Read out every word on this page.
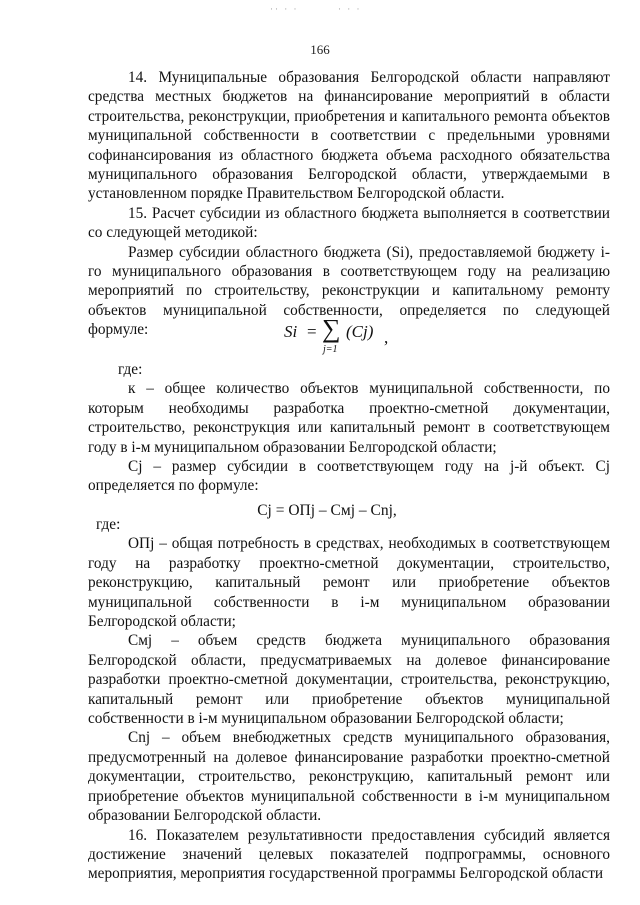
·· · ·	· · ·
166

14. Муниципальные образования Белгородской области направляют средства местных бюджетов на финансирование мероприятий в области строительства, реконструкции, приобретения и капитального ремонта объектов муниципальной собственности в соответствии с предельными уровнями софинансирования из областного бюджета объема расходного обязательства муниципального образования Белгородской области, утверждаемыми в установленном порядке Правительством Белгородской области.

15. Расчет субсидии из областного бюджета выполняется в соответствии со следующей методикой:

Размер субсидии областного бюджета (Si), предоставляемой бюджету i-го муниципального образования в соответствующем году на реализацию мероприятий по строительству, реконструкции и капитальному ремонту объектов муниципальной собственности, определяется по следующей формуле:	Si = ∑
j=1
(Cj) ,

где:

к – общее количество объектов муниципальной собственности, по которым необходимы разработка проектно-сметной документации, строительство, реконструкция или капитальный ремонт в соответствующем году в i-м муниципальном образовании Белгородской области;

Cj – размер субсидии в соответствующем году на j-й объект. Cj определяется по формуле:

Cj = ОПj – Cмj – Cnj,

где:

ОПj – общая потребность в средствах, необходимых в соответствующем году на разработку проектно-сметной документации, строительство, реконструкцию, капитальный ремонт или приобретение объектов муниципальной собственности в i-м муниципальном образовании Белгородской области;

Cмj – объем средств бюджета муниципального образования Белгородской области, предусматриваемых на долевое финансирование разработки проектно-сметной документации, строительства, реконструкцию, капитальный ремонт или приобретение объектов муниципальной собственности в i-м муниципальном образовании Белгородской области;

Cnj – объем внебюджетных средств муниципального образования, предусмотренный на долевое финансирование разработки проектно-сметной документации, строительство, реконструкцию, капитальный ремонт или приобретение объектов муниципальной собственности в i-м муниципальном образовании Белгородской области.

16. Показателем результативности предоставления субсидий является достижение значений целевых показателей подпрограммы, основного мероприятия, мероприятия государственной программы Белгородской области
